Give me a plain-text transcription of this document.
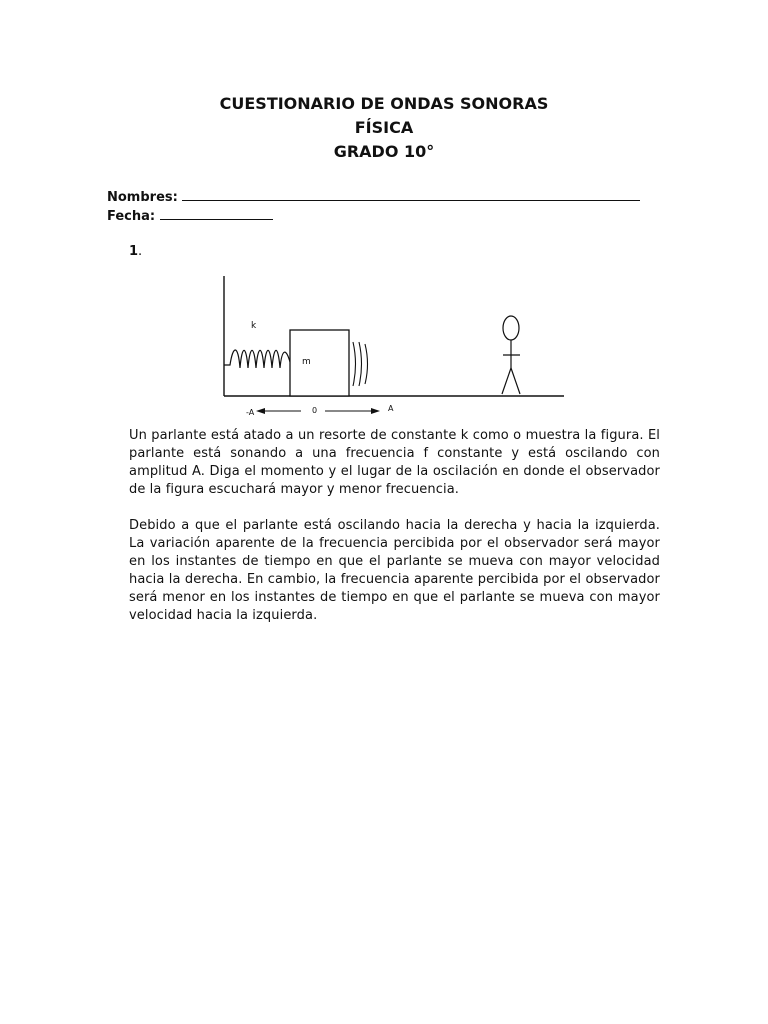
CUESTIONARIO DE ONDAS SONORAS
FÍSICA
GRADO 10°
Nombres:
Fecha:
1.
k
m
-A	0	A
Un parlante está atado a un resorte de constante k como o muestra la figura. El parlante está sonando a una frecuencia f constante y está oscilando con amplitud A. Diga el momento y el lugar de la oscilación en donde el observador de la figura escuchará mayor y menor frecuencia.
Debido a que el parlante está oscilando hacia la derecha y hacia la izquierda. La variación aparente de la frecuencia percibida por el observador será mayor en los instantes de tiempo en que el parlante se mueva con mayor velocidad hacia la derecha. En cambio, la frecuencia aparente percibida por el observador será menor en los instantes de tiempo en que el parlante se mueva con mayor velocidad hacia la izquierda.
